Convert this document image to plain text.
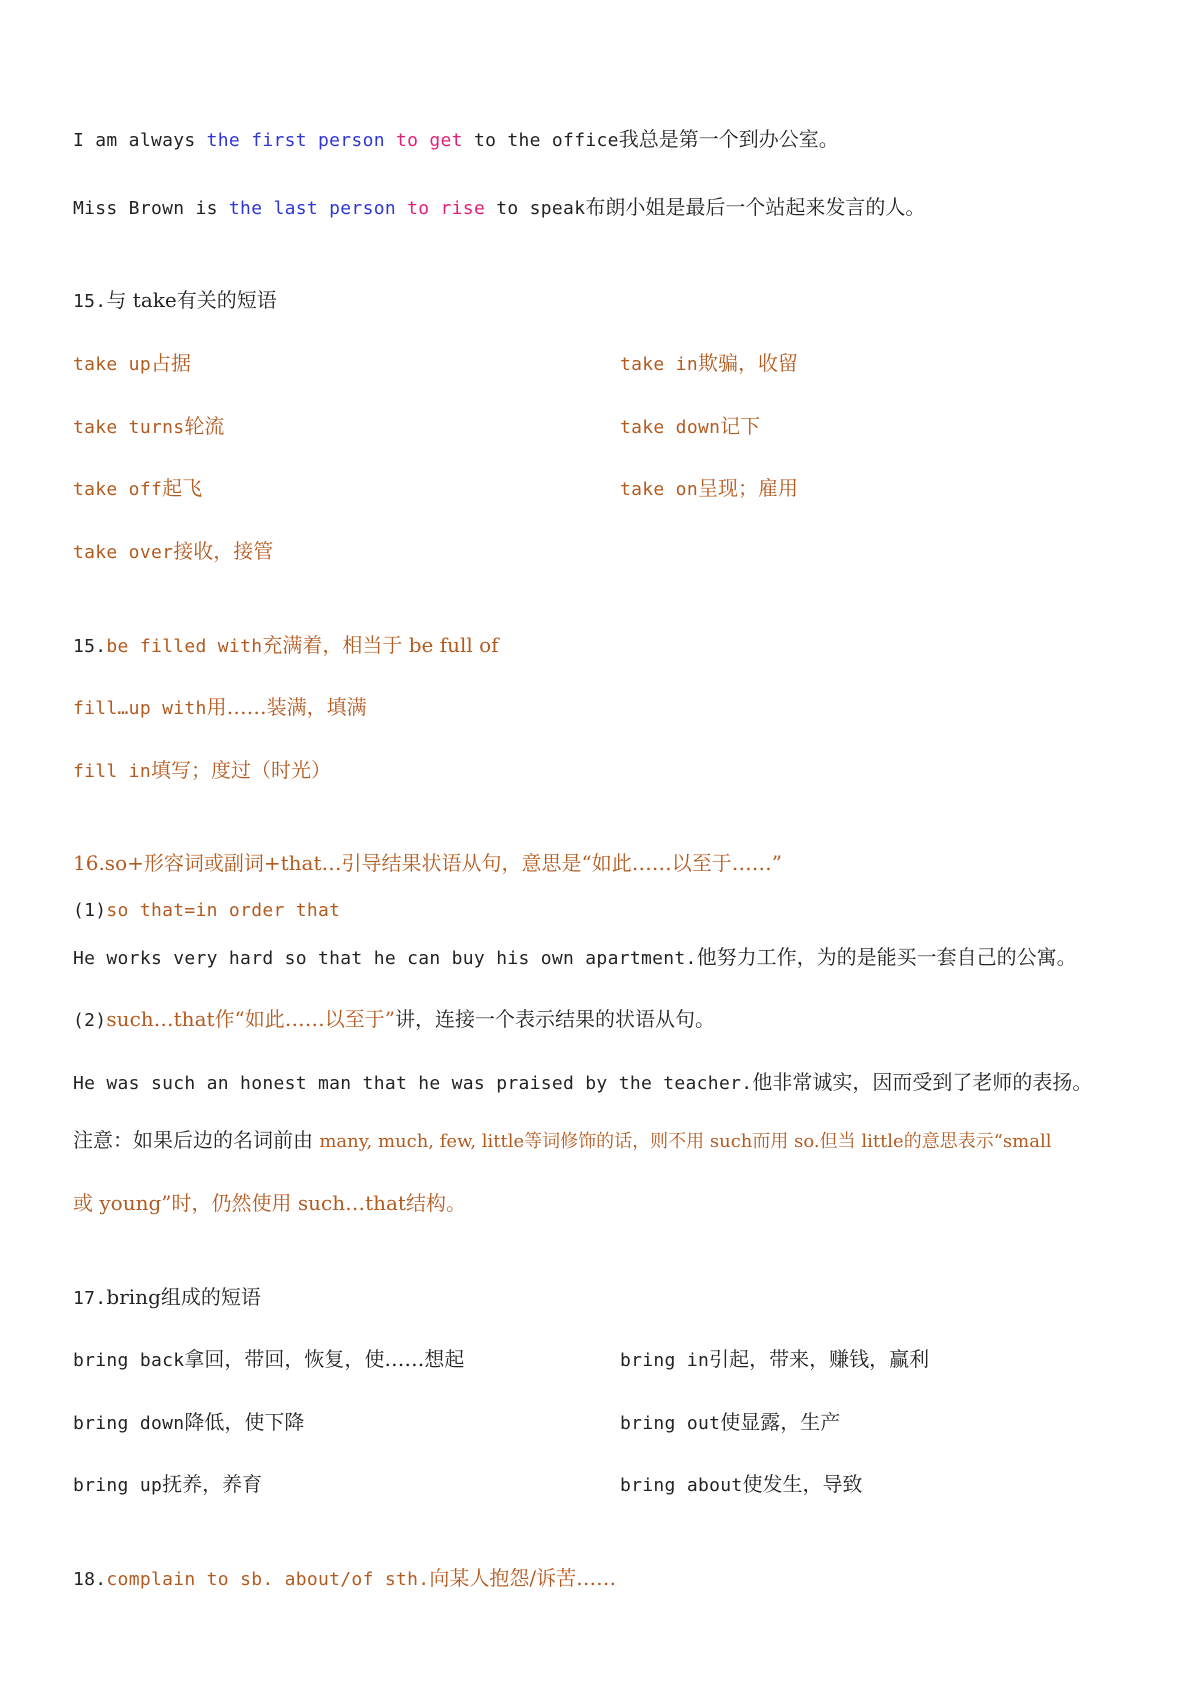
I am always the first person to get to the office我总是第一个到办公室。
Miss Brown is the last person to rise to speak布朗小姐是最后一个站起来发言的人。
15.与 take有关的短语
take up占据	take in欺骗，收留
take turns轮流	take down记下
take off起飞	take on呈现；雇用
take over接收，接管
15.be filled with充满着，相当于 be full of
fill…up with用……装满，填满
fill in填写；度过（时光）
16.so+形容词或副词+that…引导结果状语从句，意思是“如此……以至于……”
(1)so that=in order that
He works very hard so that he can buy his own apartment.他努力工作，为的是能买一套自己的公寓。
(2)such…that作“如此……以至于”讲，连接一个表示结果的状语从句。
He was such an honest man that he was praised by the teacher.他非常诚实，因而受到了老师的表扬。
注意：如果后边的名词前由 many, much, few, little等词修饰的话，则不用 such而用 so.但当 little的意思表示“small
或 young”时，仍然使用 such…that结构。
17.bring组成的短语
bring back拿回，带回，恢复，使……想起	bring in引起，带来，赚钱，赢利
bring down降低，使下降	bring out使显露，生产
bring up抚养，养育	bring about使发生，导致
18.complain to sb. about/of sth.向某人抱怨/诉苦……
